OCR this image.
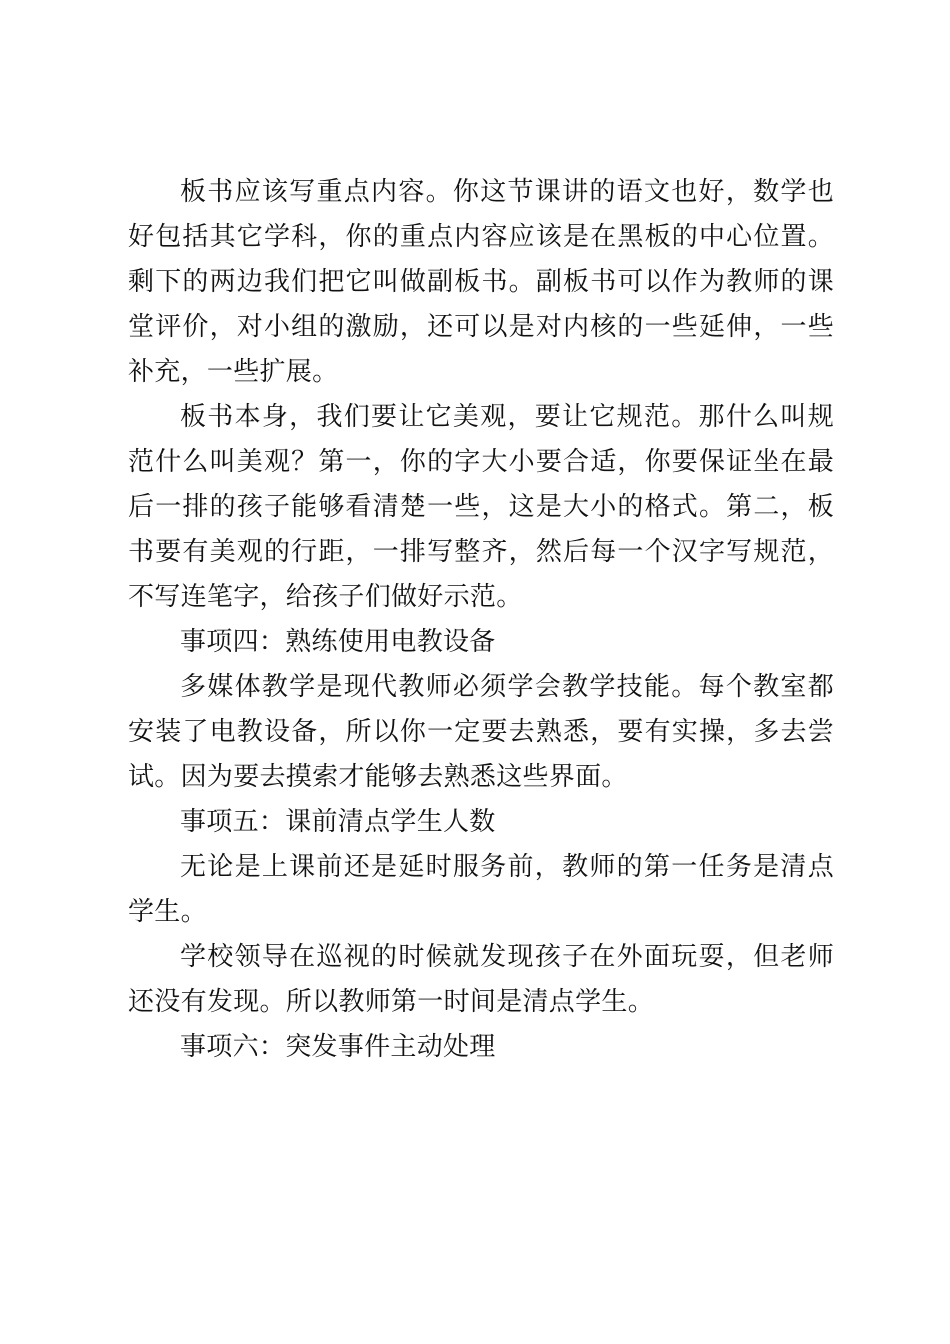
板书应该写重点内容。你这节课讲的语文也好，数学也好包括其它学科，你的重点内容应该是在黑板的中心位置。剩下的两边我们把它叫做副板书。副板书可以作为教师的课堂评价，对小组的激励，还可以是对内核的一些延伸，一些补充，一些扩展。

板书本身，我们要让它美观，要让它规范。那什么叫规范什么叫美观？第一，你的字大小要合适，你要保证坐在最后一排的孩子能够看清楚一些，这是大小的格式。第二，板书要有美观的行距，一排写整齐，然后每一个汉字写规范，不写连笔字，给孩子们做好示范。

事项四：熟练使用电教设备

多媒体教学是现代教师必须学会教学技能。每个教室都安装了电教设备，所以你一定要去熟悉，要有实操，多去尝试。因为要去摸索才能够去熟悉这些界面。

事项五：课前清点学生人数

无论是上课前还是延时服务前，教师的第一任务是清点学生。

学校领导在巡视的时候就发现孩子在外面玩耍，但老师还没有发现。所以教师第一时间是清点学生。

事项六：突发事件主动处理
